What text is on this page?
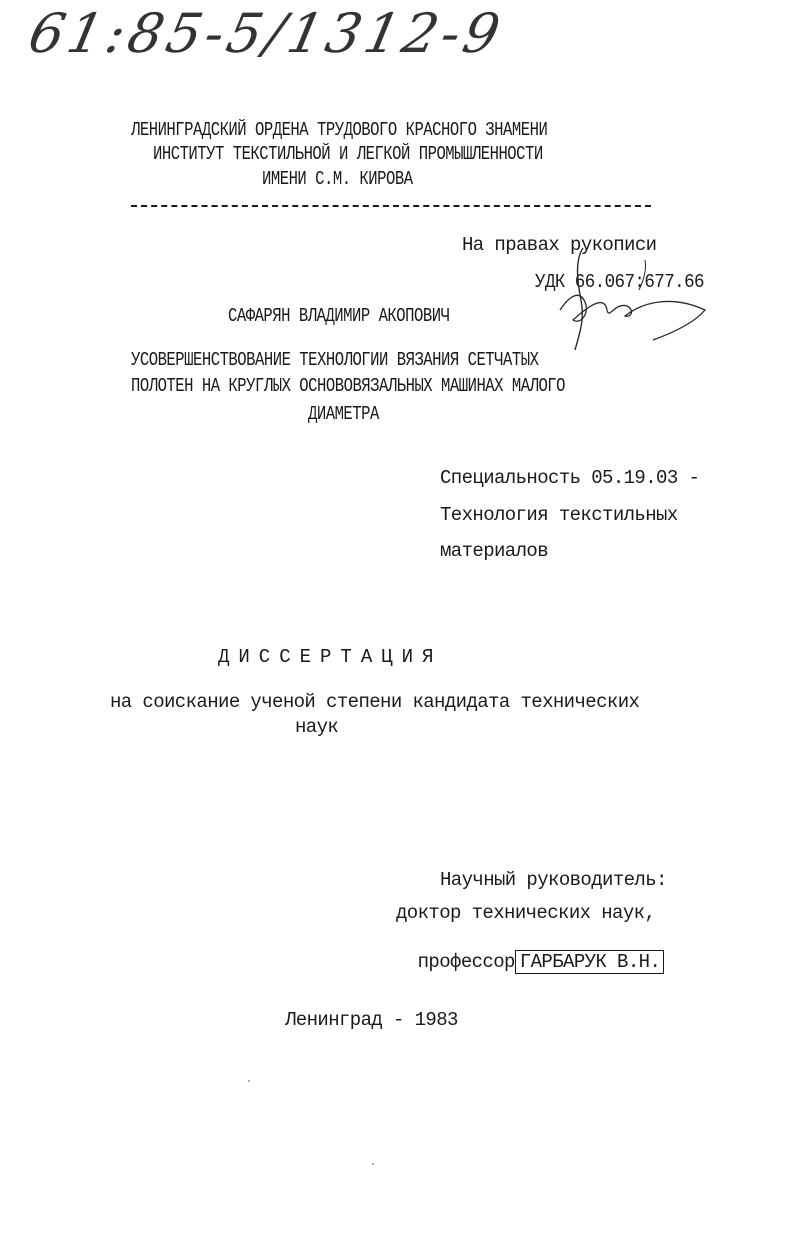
61:85-5/1312-9
ЛЕНИНГРАДСКИЙ ОРДЕНА ТРУДОВОГО КРАСНОГО ЗНАМЕНИ
ИНСТИТУТ ТЕКСТИЛЬНОЙ И ЛЕГКОЙ ПРОМЫШЛЕННОСТИ
ИМЕНИ С.М. КИРОВА
На правах рукописи
УДК 66.067:677.66
САФАРЯН ВЛАДИМИР АКОПОВИЧ
УСОВЕРШЕНСТВОВАНИЕ ТЕХНОЛОГИИ ВЯЗАНИЯ СЕТЧАТЫХ
ПОЛОТЕН НА КРУГЛЫХ ОСНОВОВЯЗАЛЬНЫХ МАШИНАХ МАЛОГО
ДИАМЕТРА
Специальность 05.19.03 -
Технология текстильных
материалов
ДИССЕРТАЦИЯ
на соискание ученой степени кандидата технических
наук
Научный руководитель:
доктор технических наук,

профессор ГАРБАРУК В.Н.

Ленинград - 1983
